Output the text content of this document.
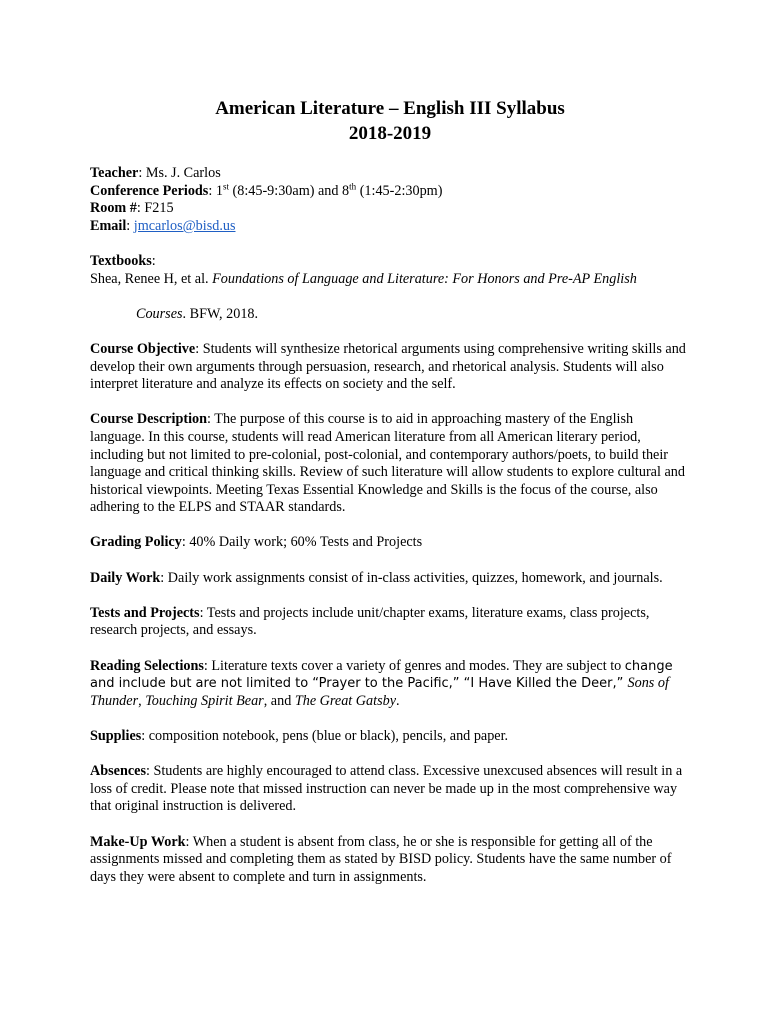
American Literature – English III Syllabus

2018-2019

Teacher: Ms. J. Carlos

Conference Periods: 1st (8:45-9:30am) and 8th (1:45-2:30pm)

Room #: F215

Email: jmcarlos@bisd.us

Textbooks:

Shea, Renee H, et al. Foundations of Language and Literature: For Honors and Pre-AP English

Courses. BFW, 2018.

Course Objective: Students will synthesize rhetorical arguments using comprehensive writing skills and develop their own arguments through persuasion, research, and rhetorical analysis. Students will also interpret literature and analyze its effects on society and the self.

Course Description: The purpose of this course is to aid in approaching mastery of the English language. In this course, students will read American literature from all American literary period, including but not limited to pre-colonial, post-colonial, and contemporary authors/poets, to build their language and critical thinking skills. Review of such literature will allow students to explore cultural and historical viewpoints. Meeting Texas Essential Knowledge and Skills is the focus of the course, also adhering to the ELPS and STAAR standards.

Grading Policy: 40% Daily work; 60% Tests and Projects

Daily Work: Daily work assignments consist of in-class activities, quizzes, homework, and journals.

Tests and Projects: Tests and projects include unit/chapter exams, literature exams, class projects, research projects, and essays.

Reading Selections: Literature texts cover a variety of genres and modes. They are subject to change and include but are not limited to “Prayer to the Pacific,” “I Have Killed the Deer,” Sons of Thunder, Touching Spirit Bear, and The Great Gatsby.

Supplies: composition notebook, pens (blue or black), pencils, and paper.

Absences: Students are highly encouraged to attend class. Excessive unexcused absences will result in a loss of credit. Please note that missed instruction can never be made up in the most comprehensive way that original instruction is delivered.

Make-Up Work: When a student is absent from class, he or she is responsible for getting all of the assignments missed and completing them as stated by BISD policy. Students have the same number of days they were absent to complete and turn in assignments.
